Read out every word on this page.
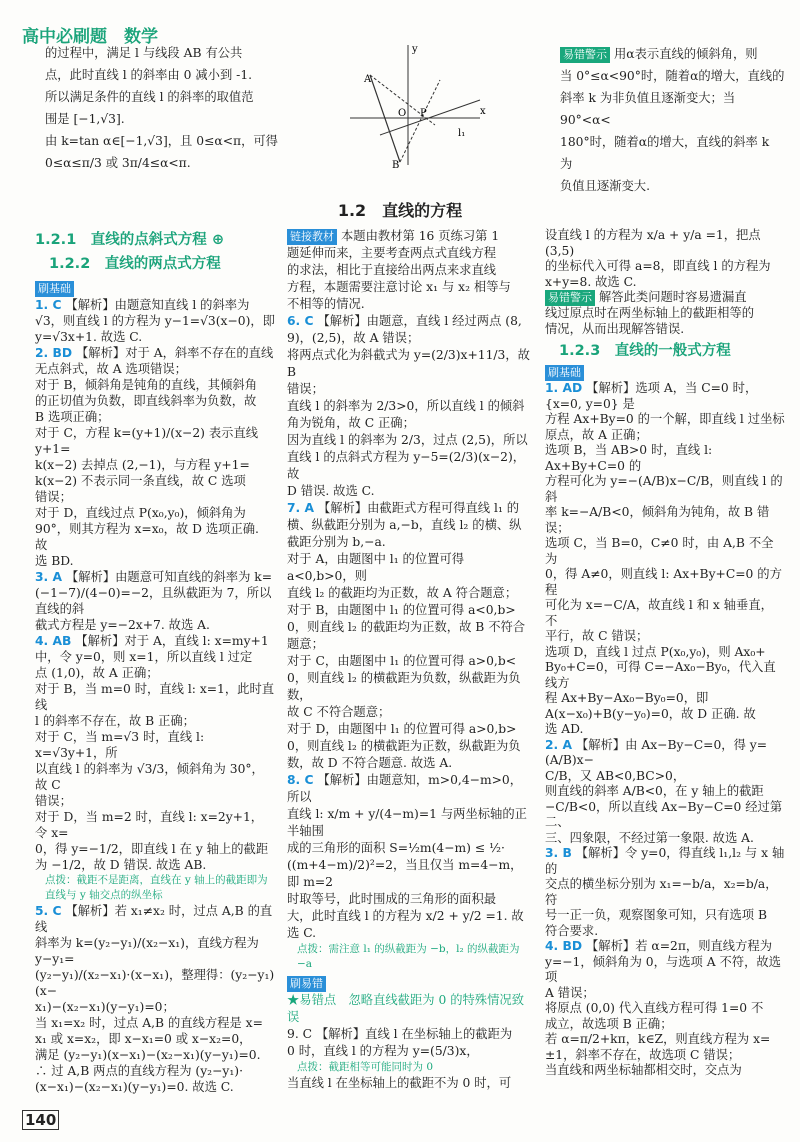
高中必刷题　数学

的过程中，满足 l 与线段 AB 有公共

点，此时直线 l 的斜率由 0 减小到 -1.

所以满足条件的直线 l 的斜率的取值范

围是 [−1,√3].

由 k=tan α∈[−1,√3]，且 0≤α<π，可得

0≤α≤π/3 或 3π/4≤α<π.

y
A
O P	x
l₁
B

易错警示 用α表示直线的倾斜角，则

当 0°≤α<90°时，随着α的增大，直线的

斜率 k 为非负值且逐渐变大；当 90°<α<

180°时，随着α的增大，直线的斜率 k 为

负值且逐渐变大.

1.2　直线的方程
1.2.1　直线的点斜式方程 ⊕
1.2.2　直线的两点式方程
刷基础

1. C 【解析】由题意知直线 l 的斜率为

√3，则直线 l 的方程为 y−1=√3(x−0)，即

y=√3x+1. 故选 C.

2. BD 【解析】对于 A，斜率不存在的直线

无点斜式，故 A 选项错误；

对于 B，倾斜角是钝角的直线，其倾斜角

的正切值为负数，即直线斜率为负数，故

B 选项正确；

对于 C，方程 k=(y+1)/(x−2) 表示直线 y+1=

k(x−2) 去掉点 (2,−1)，与方程 y+1=

k(x−2) 不表示同一条直线，故 C 选项

错误；

对于 D，直线过点 P(x₀,y₀)，倾斜角为

90°，则其方程为 x=x₀，故 D 选项正确. 故

选 BD.

3. A 【解析】由题意可知直线的斜率为 k=

(−1−7)/(4−0)=−2，且纵截距为 7，所以直线的斜

截式方程是 y=−2x+7. 故选 A.

4. AB 【解析】对于 A，直线 l: x=my+1

中，令 y=0，则 x=1，所以直线 l 过定

点 (1,0)，故 A 正确；

对于 B，当 m=0 时，直线 l: x=1，此时直线

l 的斜率不存在，故 B 正确；

对于 C，当 m=√3 时，直线 l: x=√3y+1，所

以直线 l 的斜率为 √3/3，倾斜角为 30°，故 C

错误；

对于 D，当 m=2 时，直线 l: x=2y+1，令 x=

0，得 y=−1/2，即直线 l 在 y 轴上的截距

为 −1/2，故 D 错误. 故选 AB.

点拨：截距不是距离，直线在 y 轴上的截距即为直线与 y 轴交点的纵坐标

5. C 【解析】若 x₁≠x₂ 时，过点 A,B 的直线

斜率为 k=(y₂−y₁)/(x₂−x₁)，直线方程为 y−y₁=

(y₂−y₁)/(x₂−x₁)·(x−x₁)，整理得：(y₂−y₁)(x−

x₁)−(x₂−x₁)(y−y₁)=0；

当 x₁=x₂ 时，过点 A,B 的直线方程是 x=

x₁ 或 x=x₂，即 x−x₁=0 或 x−x₂=0，

满足 (y₂−y₁)(x−x₁)−(x₂−x₁)(y−y₁)=0.

∴ 过 A,B 两点的直线方程为 (y₂−y₁)·

(x−x₁)−(x₂−x₁)(y−y₁)=0. 故选 C.

链接教材 本题由教材第 16 页练习第 1

题延伸而来，主要考查两点式直线方程

的求法，相比于直接给出两点来求直线

方程，本题需要注意讨论 x₁ 与 x₂ 相等与

不相等的情况.

6. C 【解析】由题意，直线 l 经过两点 (8,

9)，(2,5)，故 A 错误；

将两点式化为斜截式为 y=(2/3)x+11/3，故 B

错误；

直线 l 的斜率为 2/3>0，所以直线 l 的倾斜

角为锐角，故 C 正确；

因为直线 l 的斜率为 2/3，过点 (2,5)，所以

直线 l 的点斜式方程为 y−5=(2/3)(x−2)，故

D 错误. 故选 C.

7. A 【解析】由截距式方程可得直线 l₁ 的

横、纵截距分别为 a,−b，直线 l₂ 的横、纵

截距分别为 b,−a.

对于 A，由题图中 l₁ 的位置可得 a<0,b>0，则

直线 l₂ 的截距均为正数，故 A 符合题意；

对于 B，由题图中 l₁ 的位置可得 a<0,b>

0，则直线 l₂ 的截距均为正数，故 B 不符合

题意；

对于 C，由题图中 l₁ 的位置可得 a>0,b<

0，则直线 l₂ 的横截距为负数，纵截距为负数，

故 C 不符合题意；

对于 D，由题图中 l₁ 的位置可得 a>0,b>

0，则直线 l₂ 的横截距为正数，纵截距为负

数，故 D 不符合题意. 故选 A.

8. C 【解析】由题意知，m>0,4−m>0，所以

直线 l: x/m + y/(4−m)=1 与两坐标轴的正半轴围

成的三角形的面积 S=½m(4−m) ≤ ½·

((m+4−m)/2)²=2，当且仅当 m=4−m，即 m=2

时取等号，此时围成的三角形的面积最

大，此时直线 l 的方程为 x/2 + y/2 =1. 故选 C.

点拨：需注意 l₁ 的纵截距为 −b，l₂ 的纵截距为 −a

刷易错

★易错点　忽略直线截距为 0 的特殊情况致误

9. C 【解析】直线 l 在坐标轴上的截距为

0 时，直线 l 的方程为 y=(5/3)x，

点拨：截距相等可能同时为 0

当直线 l 在坐标轴上的截距不为 0 时，可

设直线 l 的方程为 x/a + y/a =1，把点 (3,5)

的坐标代入可得 a=8，即直线 l 的方程为

x+y=8. 故选 C.

易错警示 解答此类问题时容易遗漏直

线过原点时在两坐标轴上的截距相等的

情况，从而出现解答错误.

1.2.3　直线的一般式方程
刷基础

1. AD 【解析】选项 A，当 C=0 时，{x=0, y=0} 是

方程 Ax+By=0 的一个解，即直线 l 过坐标

原点，故 A 正确；

选项 B，当 AB>0 时，直线 l: Ax+By+C=0 的

方程可化为 y=−(A/B)x−C/B，则直线 l 的斜

率 k=−A/B<0，倾斜角为钝角，故 B 错误；

选项 C，当 B=0，C≠0 时，由 A,B 不全为

0，得 A≠0，则直线 l: Ax+By+C=0 的方程

可化为 x=−C/A，故直线 l 和 x 轴垂直，不

平行，故 C 错误；

选项 D，直线 l 过点 P(x₀,y₀)，则 Ax₀+

By₀+C=0，可得 C=−Ax₀−By₀，代入直线方

程 Ax+By−Ax₀−By₀=0，即

A(x−x₀)+B(y−y₀)=0，故 D 正确. 故

选 AD.

2. A 【解析】由 Ax−By−C=0，得 y=(A/B)x−

C/B，又 AB<0,BC>0，

则直线的斜率 A/B<0，在 y 轴上的截距

−C/B<0，所以直线 Ax−By−C=0 经过第二、

三、四象限，不经过第一象限. 故选 A.

3. B 【解析】令 y=0，得直线 l₁,l₂ 与 x 轴的

交点的横坐标分别为 x₁=−b/a，x₂=b/a，符

号一正一负，观察图象可知，只有选项 B

符合要求.

4. BD 【解析】若 α=2π，则直线方程为

y=−1，倾斜角为 0，与选项 A 不符，故选项

A 错误；

将原点 (0,0) 代入直线方程可得 1=0 不

成立，故选项 B 正确；

若 α=π/2+kπ，k∈Z，则直线方程为 x=

±1，斜率不存在，故选项 C 错误；

当直线和两坐标轴都相交时，交点为

140
